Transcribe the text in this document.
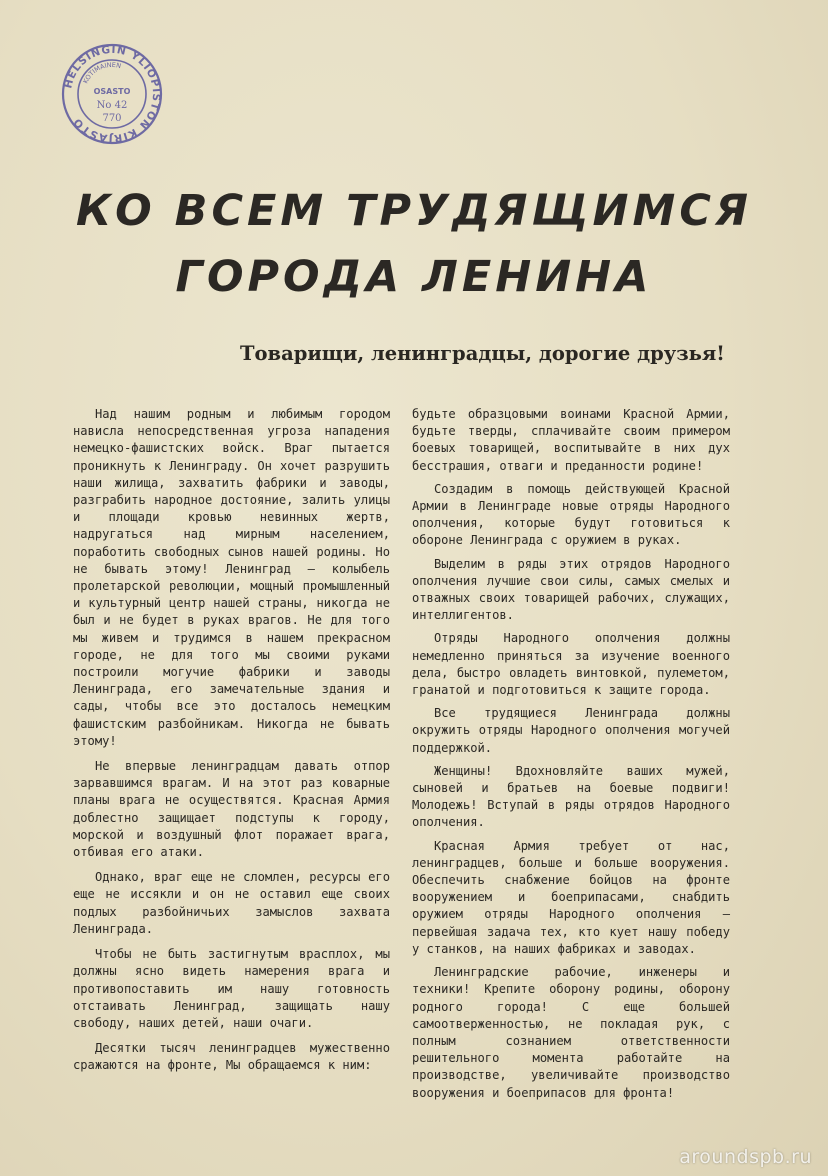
HELSINGIN YLIOPISTON KIRJASTO
KOTIMAINEN
OSASTO
No 42
770
КО ВСЕМ ТРУДЯЩИМСЯ
ГОРОДА ЛЕНИНА
Товарищи, ленинградцы, дорогие друзья!

Над нашим родным и любимым городом нависла непосредственная угроза нападения немецко-фашистских войск. Враг пытается проникнуть к Ленинграду. Он хочет разрушить наши жилища, захватить фабрики и заводы, разграбить народное достояние, залить улицы и площади кровью невинных жертв, надругаться над мирным населением, поработить свободных сынов нашей родины. Но не бывать этому! Ленинград — колыбель пролетарской революции, мощный промышленный и культурный центр нашей страны, никогда не был и не будет в руках врагов. Не для того мы живем и трудимся в нашем прекрасном городе, не для того мы своими руками построили могучие фабрики и заводы Ленинграда, его замечательные здания и сады, чтобы все это досталось немецким фашистским разбойникам. Никогда не бывать этому!

Не впервые ленинградцам давать отпор зарвавшимся врагам. И на этот раз коварные планы врага не осуществятся. Красная Армия доблестно защищает подступы к городу, морской и воздушный флот поражает врага, отбивая его атаки.

Однако, враг еще не сломлен, ресурсы его еще не иссякли и он не оставил еще своих подлых разбойничьих замыслов захвата Ленинграда.

Чтобы не быть застигнутым врасплох, мы должны ясно видеть намерения врага и противопоставить им нашу готовность отстаивать Ленинград, защищать нашу свободу, наших детей, наши очаги.

Десятки тысяч ленинградцев мужественно сражаются на фронте, Мы обращаемся к ним:

будьте образцовыми воинами Красной Армии, будьте тверды, сплачивайте своим примером боевых товарищей, воспитывайте в них дух бесстрашия, отваги и преданности родине!

Создадим в помощь действующей Красной Армии в Ленинграде новые отряды Народного ополчения, которые будут готовиться к обороне Ленинграда с оружием в руках.

Выделим в ряды этих отрядов Народного ополчения лучшие свои силы, самых смелых и отважных своих товарищей рабочих, служащих, интеллигентов.

Отряды Народного ополчения должны немедленно приняться за изучение военного дела, быстро овладеть винтовкой, пулеметом, гранатой и подготовиться к защите города.

Все трудящиеся Ленинграда должны окружить отряды Народного ополчения могучей поддержкой.

Женщины! Вдохновляйте ваших мужей, сыновей и братьев на боевые подвиги! Молодежь! Вступай в ряды отрядов Народного ополчения.

Красная Армия требует от нас, ленинградцев, больше и больше вооружения. Обеспечить снабжение бойцов на фронте вооружением и боеприпасами, снабдить оружием отряды Народного ополчения — первейшая задача тех, кто кует нашу победу у станков, на наших фабриках и заводах.

Ленинградские рабочие, инженеры и техники! Крепите оборону родины, оборону родного города! С еще большей самоотверженностью, не покладая рук, с полным сознанием ответственности решительного момента работайте на производстве, увеличивайте производство вооружения и боеприпасов для фронта!

aroundspb.ru
